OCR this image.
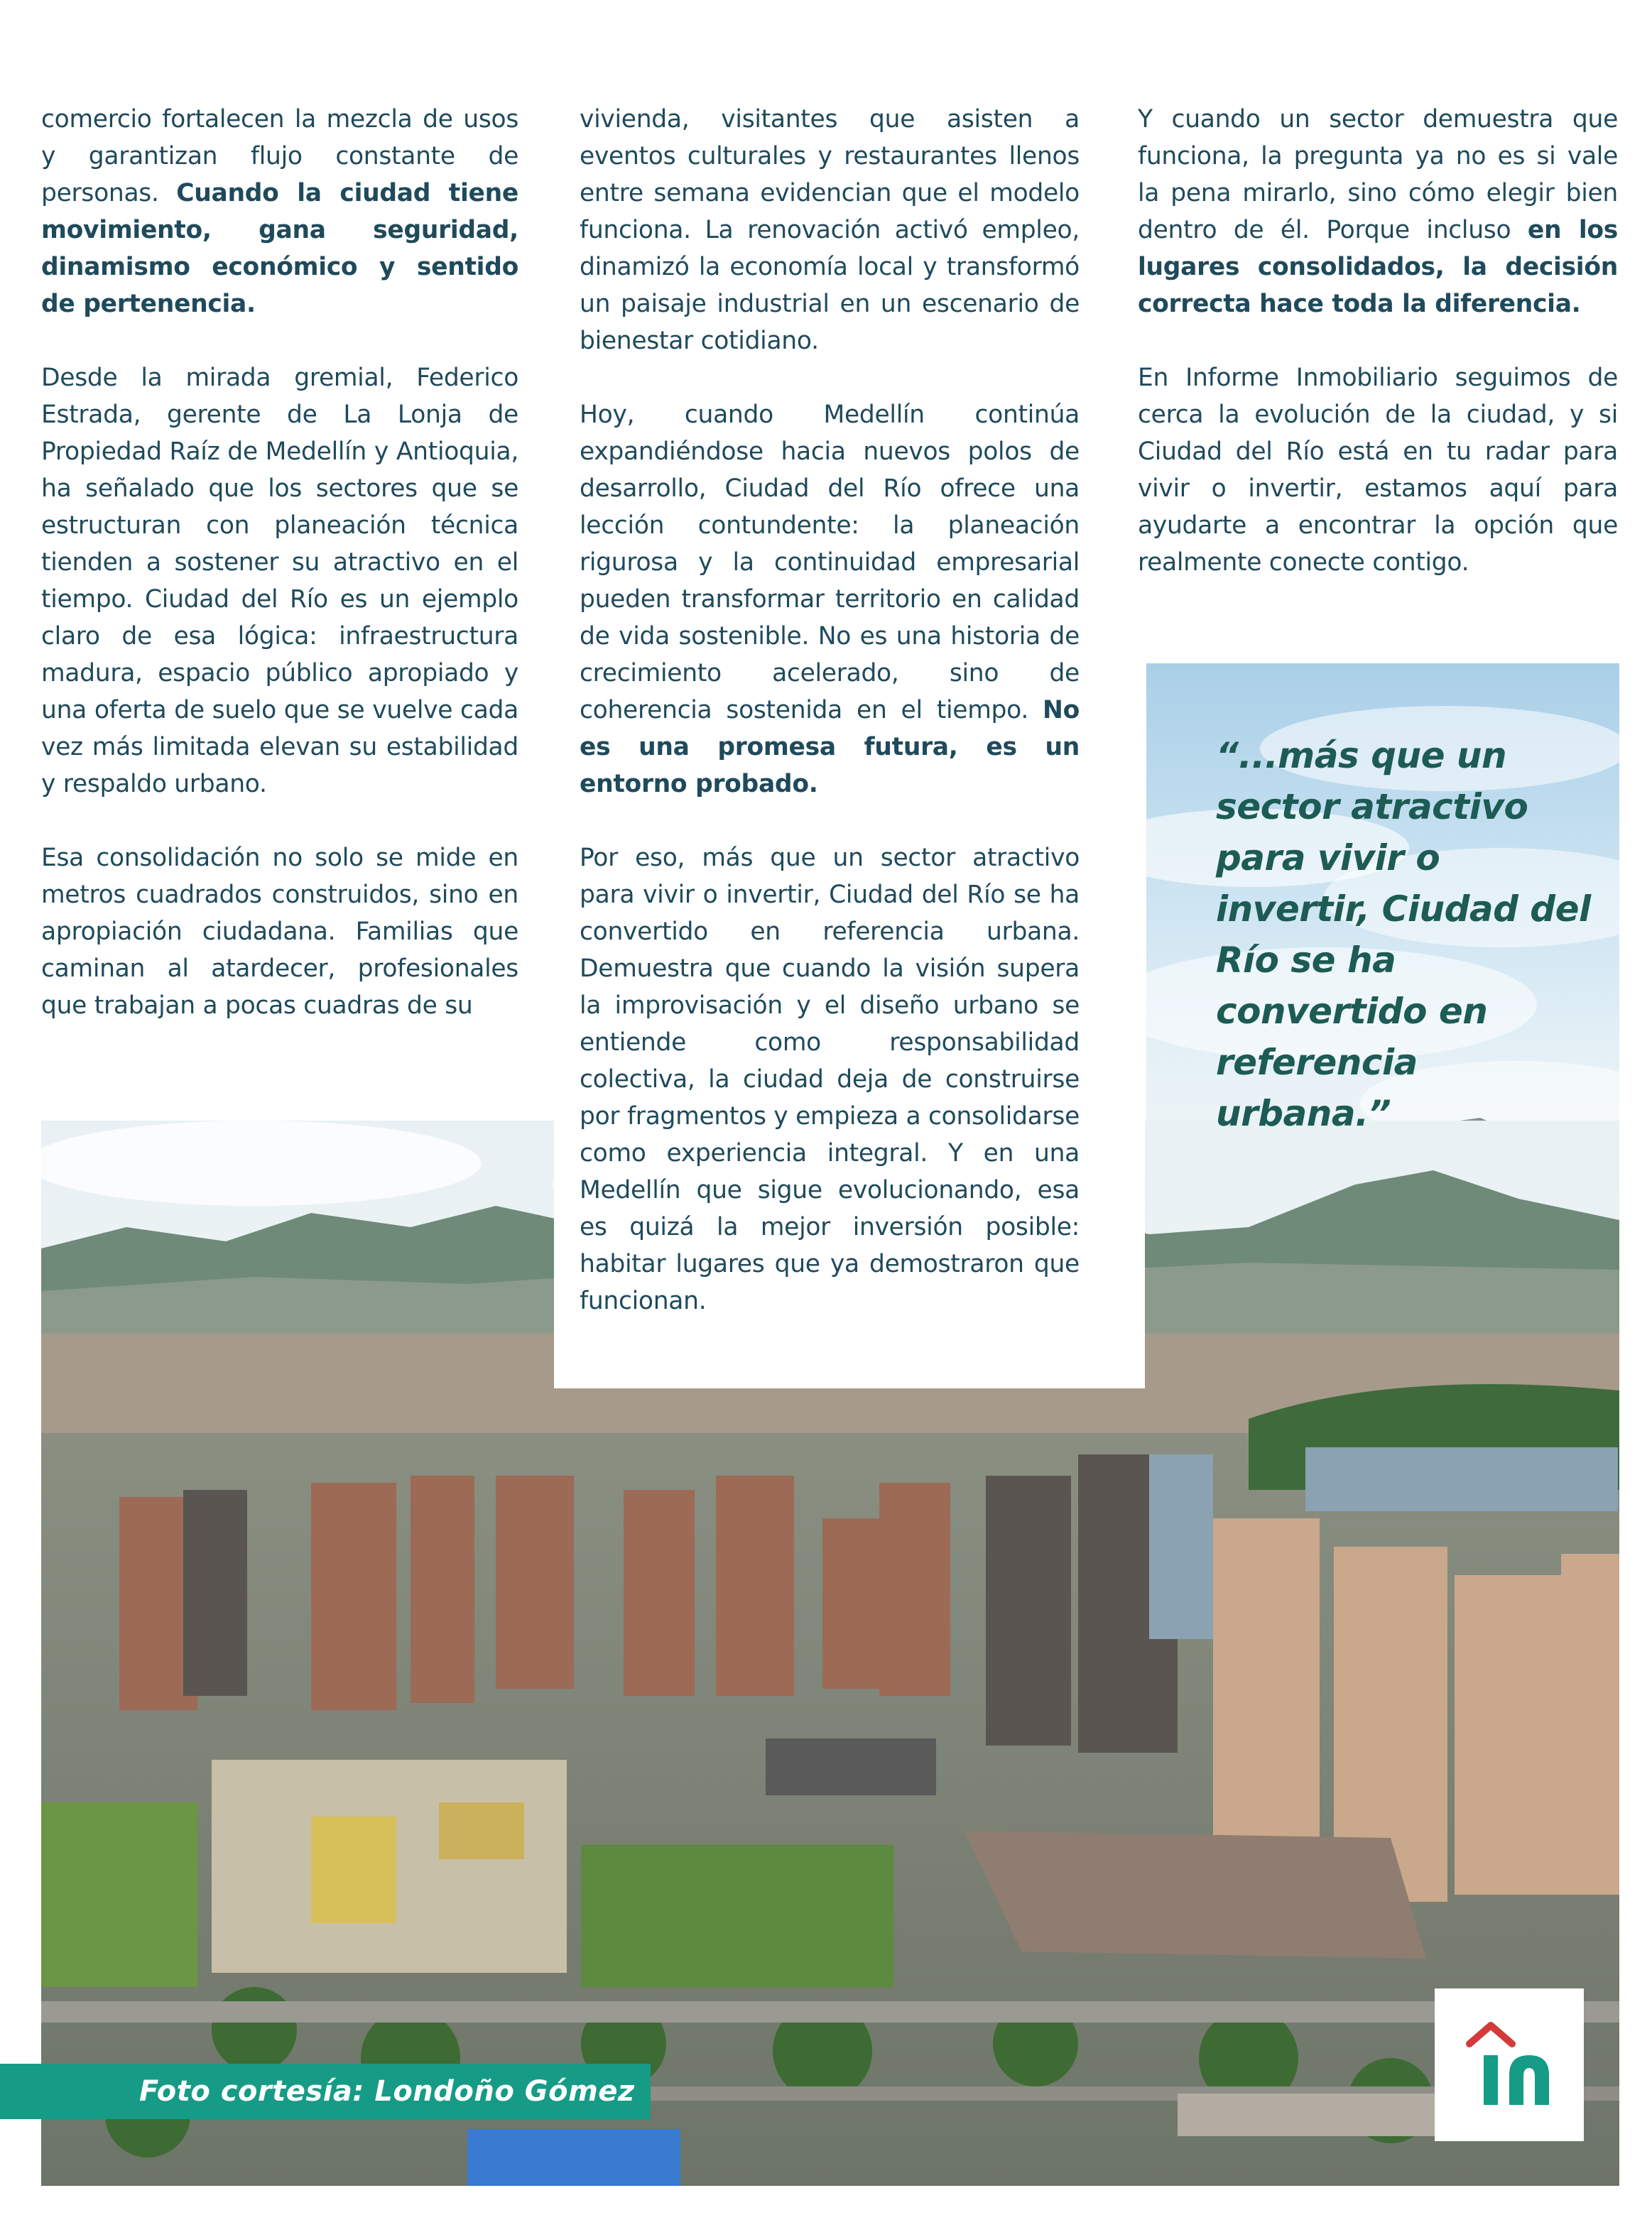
comercio fortalecen la mezcla de usos y garantizan flujo constante de personas. Cuando la ciudad tiene movimiento, gana seguridad, dinamismo económico y sentido de pertenencia.

Desde la mirada gremial, Federico Estrada, gerente de La Lonja de Propiedad Raíz de Medellín y Antioquia, ha señalado que los sectores que se estructuran con planeación técnica tienden a sostener su atractivo en el tiempo. Ciudad del Río es un ejemplo claro de esa lógica: infraestructura madura, espacio público apropiado y una oferta de suelo que se vuelve cada vez más limitada elevan su estabilidad y respaldo urbano.

Esa consolidación no solo se mide en metros cuadrados construidos, sino en apropiación ciudadana. Familias que caminan al atardecer, profesionales que trabajan a pocas cuadras de su

vivienda, visitantes que asisten a eventos culturales y restaurantes llenos entre semana evidencian que el modelo funciona. La renovación activó empleo, dinamizó la economía local y transformó un paisaje industrial en un escenario de bienestar cotidiano.

Hoy, cuando Medellín continúa expandiéndose hacia nuevos polos de desarrollo, Ciudad del Río ofrece una lección contundente: la planeación rigurosa y la continuidad empresarial pueden transformar territorio en calidad de vida sostenible. No es una historia de crecimiento acelerado, sino de coherencia sostenida en el tiempo. No es una promesa futura, es un entorno probado.

Por eso, más que un sector atractivo para vivir o invertir, Ciudad del Río se ha convertido en referencia urbana. Demuestra que cuando la visión supera la improvisación y el diseño urbano se entiende como responsabilidad colectiva, la ciudad deja de construirse por fragmentos y empieza a consolidarse como experiencia integral. Y en una Medellín que sigue evolucionando, esa es quizá la mejor inversión posible: habitar lugares que ya demostraron que funcionan.

Y cuando un sector demuestra que funciona, la pregunta ya no es si vale la pena mirarlo, sino cómo elegir bien dentro de él. Porque incluso en los lugares consolidados, la decisión correcta hace toda la diferencia.

En Informe Inmobiliario seguimos de cerca la evolución de la ciudad, y si Ciudad del Río está en tu radar para vivir o invertir, estamos aquí para ayudarte a encontrar la opción que realmente conecte contigo.

“...más que un sector atractivo para vivir o invertir, Ciudad del Río se ha convertido en referencia urbana.”
Foto cortesía: Londoño Gómez
